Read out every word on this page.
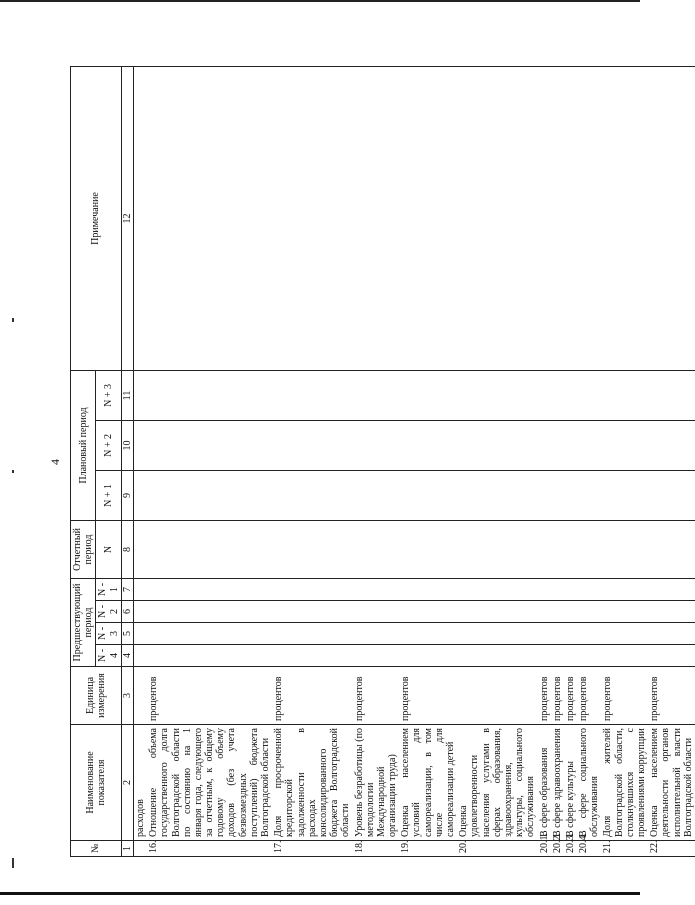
4
№	Наименование показателя	Единица измерения	Предшествующий период				Отчетный период	Плановый период			Примечание
			N - 4	N - 3	N - 2	N - 1	N	N + 1	N + 2	N + 3	
1	2	3	4	5	6	7	8	9	10	11	12
	расходов										
16.	Отношение объема государственного долга Волгоградской области по состоянию на 1 января года, следующего за отчетным, к общему годовому объему доходов (без учета безвозмездных поступлений) бюджета Волгоградской области	процентов									
17.	Доля просроченной кредиторской задолженности в расходах консолидированного бюджета Волгоградской области	процентов									
18.	Уровень безработицы (по методологии Международной организации труда)	процентов									
19.	Оценка населением условий для самореализации, в том числе для самореализации детей	процентов									
20.	Оценка удовлетворенности населения услугами в сферах образования, здравоохранения, культуры, социального обслуживания										
20.1.	В сфере образования	процентов									
20.2.	В сфере здравоохранения	процентов									
20.3.	В сфере культуры	процентов									
20.4.	В сфере социального обслуживания	процентов									
21.	Доля жителей Волгоградской области, столкнувшихся с проявлениями коррупции	процентов									
22.	Оценка населением деятельности органов исполнительной власти Волгоградской области	процентов									
